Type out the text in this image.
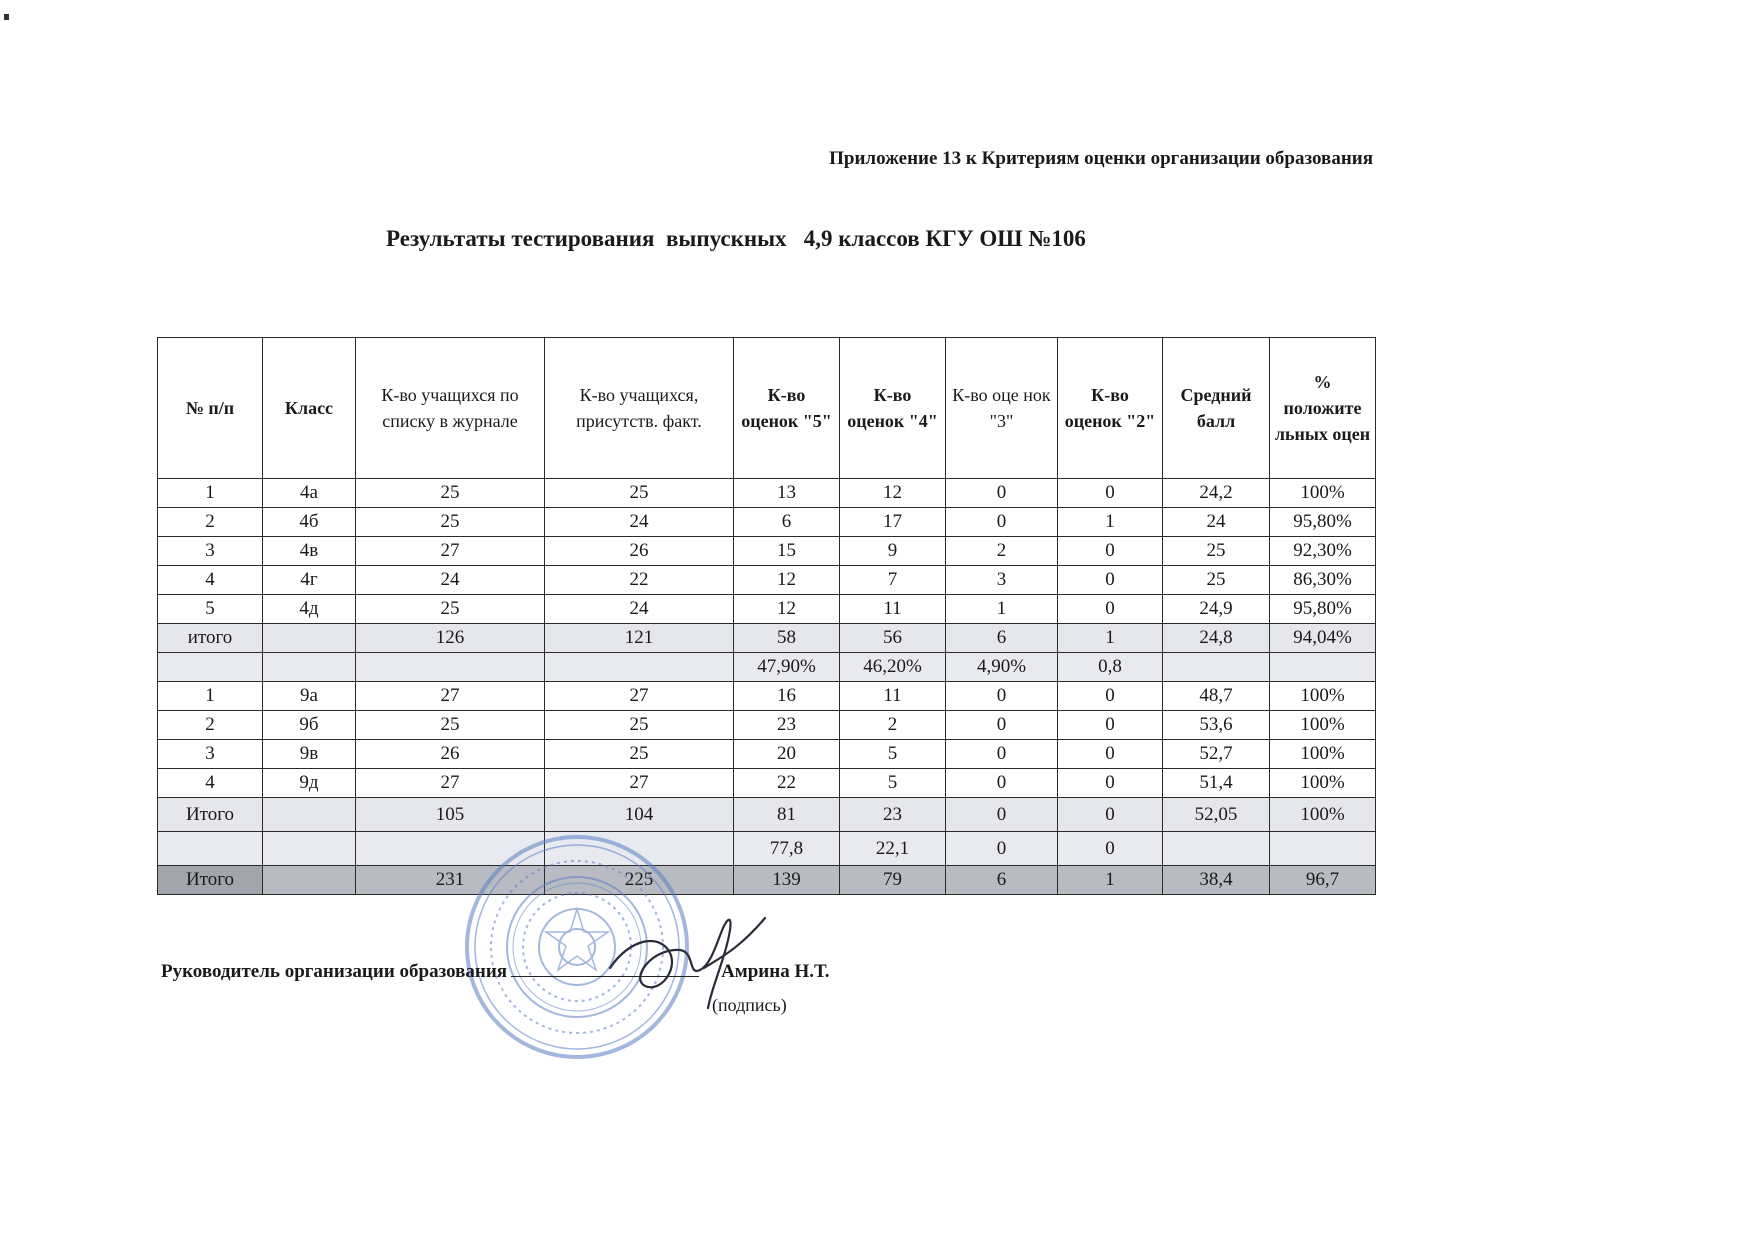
Приложение 13 к Критериям оценки организации образования
Результаты тестирования  выпускных   4,9 классов КГУ ОШ №106
№ п/п	Класс	К-во учащихся по списку в журнале	К-во учащихся, присутств. факт.	К-во оценок "5"	К-во оценок "4"	К-во оце нок "3"	К-во оценок "2"	Средний балл	% положите льных оцен
1	4а	25	25	13	12	0	0	24,2	100%
2	4б	25	24	6	17	0	1	24	95,80%
3	4в	27	26	15	9	2	0	25	92,30%
4	4г	24	22	12	7	3	0	25	86,30%
5	4д	25	24	12	11	1	0	24,9	95,80%
итого		126	121	58	56	6	1	24,8	94,04%
				47,90%	46,20%	4,90%	0,8		
1	9а	27	27	16	11	0	0	48,7	100%
2	9б	25	25	23	2	0	0	53,6	100%
3	9в	26	25	20	5	0	0	52,7	100%
4	9д	27	27	22	5	0	0	51,4	100%
Итого		105	104	81	23	0	0	52,05	100%
				77,8	22,1	0	0		
Итого		231	225	139	79	6	1	38,4	96,7
Руководитель организации образования	Амрина Н.Т.
(подпись)
